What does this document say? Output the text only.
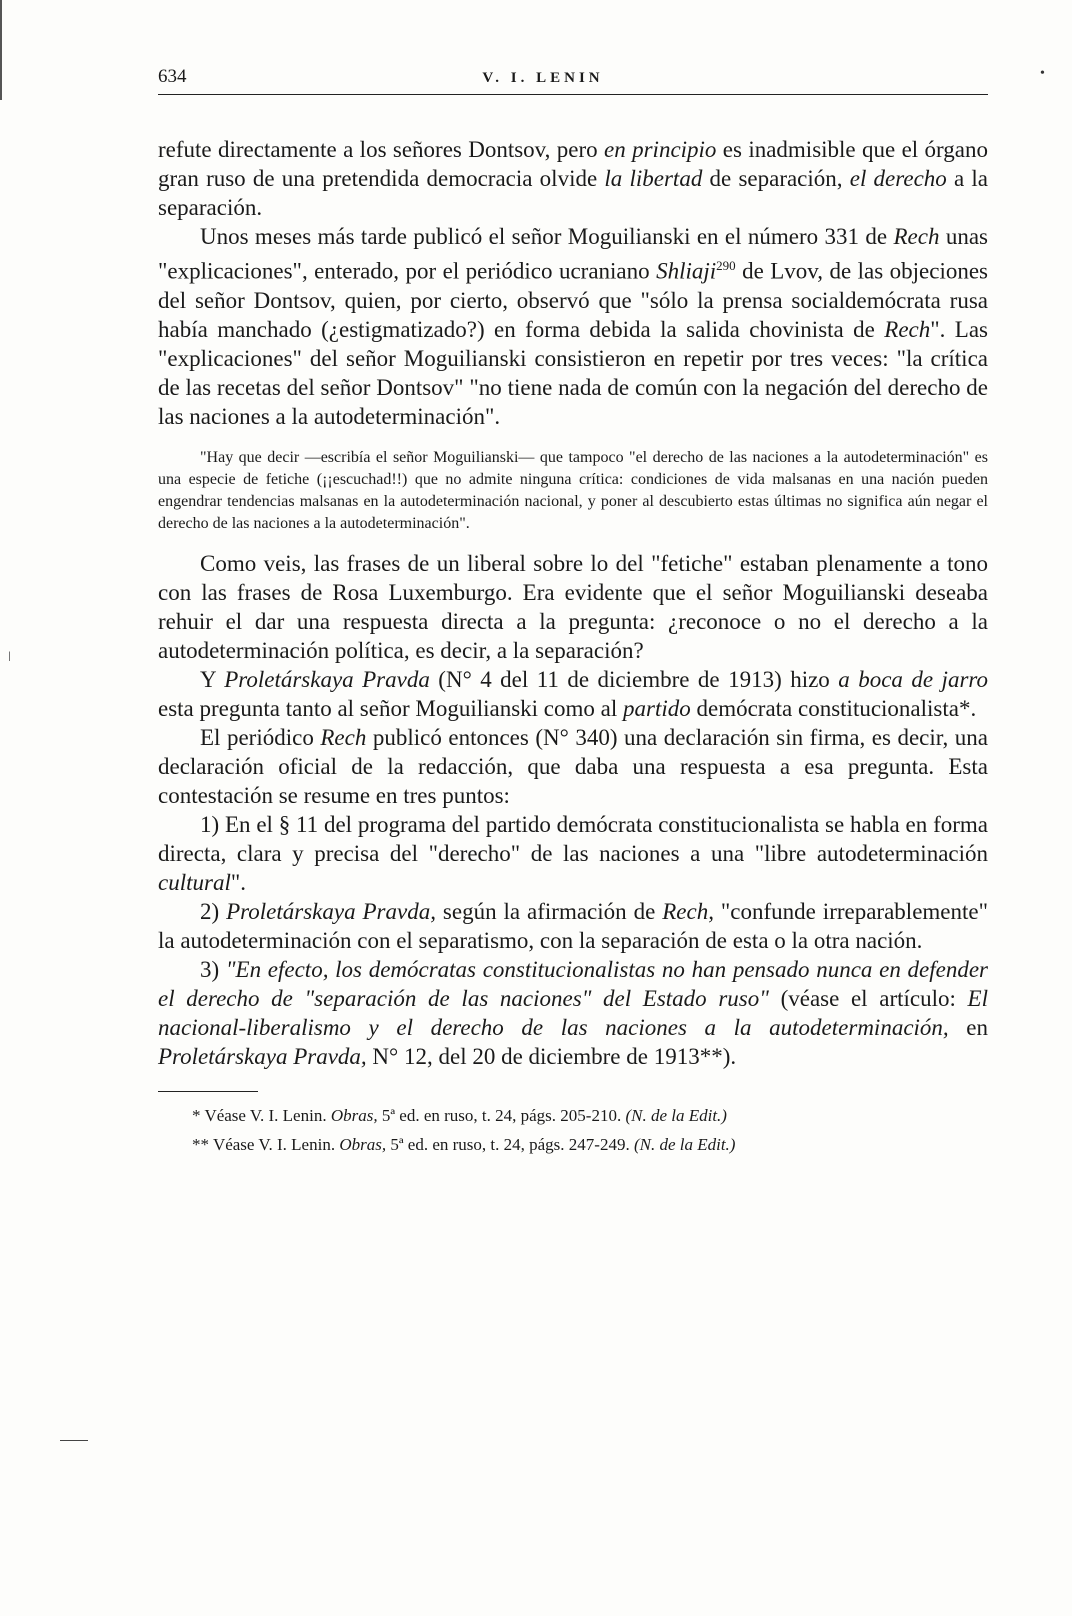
•
ǀ
634	V. I. LENIN

refute directamente a los señores Dontsov, pero en principio es inadmisible que el órgano gran ruso de una pretendida democracia olvide la libertad de separación, el derecho a la separación.

Unos meses más tarde publicó el señor Moguilianski en el número 331 de Rech unas "explicaciones", enterado, por el periódico ucraniano Shliaji$^{290}$ de Lvov, de las objeciones del señor Dontsov, quien, por cierto, observó que "sólo la prensa socialdemócrata rusa había manchado (¿estigmatizado?) en forma debida la salida chovinista de Rech". Las "explicaciones" del señor Moguilianski consistieron en repetir por tres veces: "la crítica de las recetas del señor Dontsov" "no tiene nada de común con la negación del derecho de las naciones a la autodeterminación".

"Hay que decir —escribía el señor Moguilianski— que tampoco "el derecho de las naciones a la autodeterminación" es una especie de fetiche (¡¡escuchad!!) que no admite ninguna crítica: condiciones de vida malsanas en una nación pueden engendrar tendencias malsanas en la autodeterminación nacional, y poner al descubierto estas últimas no significa aún negar el derecho de las naciones a la autodeterminación".

Como veis, las frases de un liberal sobre lo del "fetiche" estaban plenamente a tono con las frases de Rosa Luxemburgo. Era evidente que el señor Moguilianski deseaba rehuir el dar una respuesta directa a la pregunta: ¿reconoce o no el derecho a la autodeterminación política, es decir, a la separación?

Y Proletárskaya Pravda (N° 4 del 11 de diciembre de 1913) hizo a boca de jarro esta pregunta tanto al señor Moguilianski como al partido demócrata constitucionalista*.

El periódico Rech publicó entonces (N° 340) una declaración sin firma, es decir, una declaración oficial de la redacción, que daba una respuesta a esa pregunta. Esta contestación se resume en tres puntos:

1) En el § 11 del programa del partido demócrata constitucionalista se habla en forma directa, clara y precisa del "derecho" de las naciones a una "libre autodeterminación cultural".

2) Proletárskaya Pravda, según la afirmación de Rech, "confunde irreparablemente" la autodeterminación con el separatismo, con la separación de esta o la otra nación.

3) "En efecto, los demócratas constitucionalistas no han pensado nunca en defender el derecho de "separación de las naciones" del Estado ruso" (véase el artículo: El nacional-liberalismo y el derecho de las naciones a la autodeterminación, en Proletárskaya Pravda, N° 12, del 20 de diciembre de 1913**).

* Véase V. I. Lenin. Obras, 5ª ed. en ruso, t. 24, págs. 205-210. (N. de la Edit.)

** Véase V. I. Lenin. Obras, 5ª ed. en ruso, t. 24, págs. 247-249. (N. de la Edit.)
